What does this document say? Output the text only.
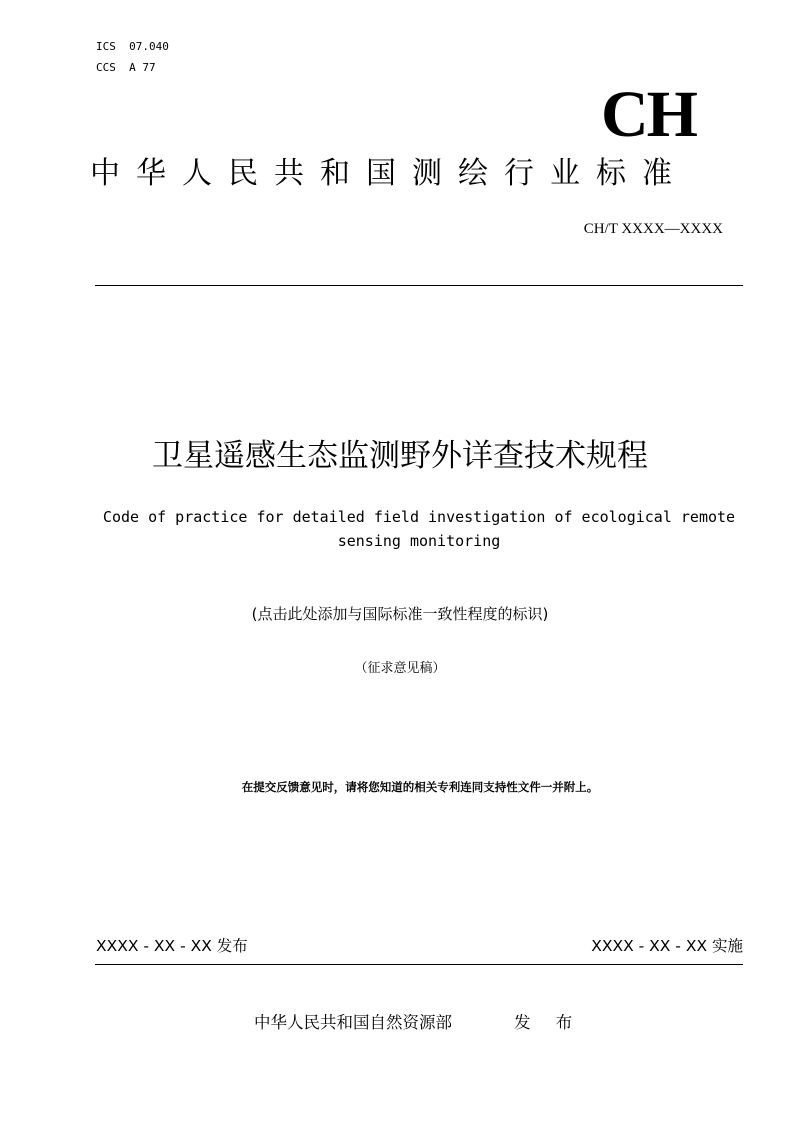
ICS  07.040
CCS  A 77
CH
中华人民共和国测绘行业标准
CH/T XXXX—XXXX
卫星遥感生态监测野外详查技术规程
Code of practice for detailed field investigation of ecological remote sensing monitoring
(点击此处添加与国际标准一致性程度的标识)
（征求意见稿）
在提交反馈意见时，请将您知道的相关专利连同支持性文件一并附上。
XXXX - XX - XX 发布	XXXX - XX - XX 实施
中华人民共和国自然资源部	发 布
